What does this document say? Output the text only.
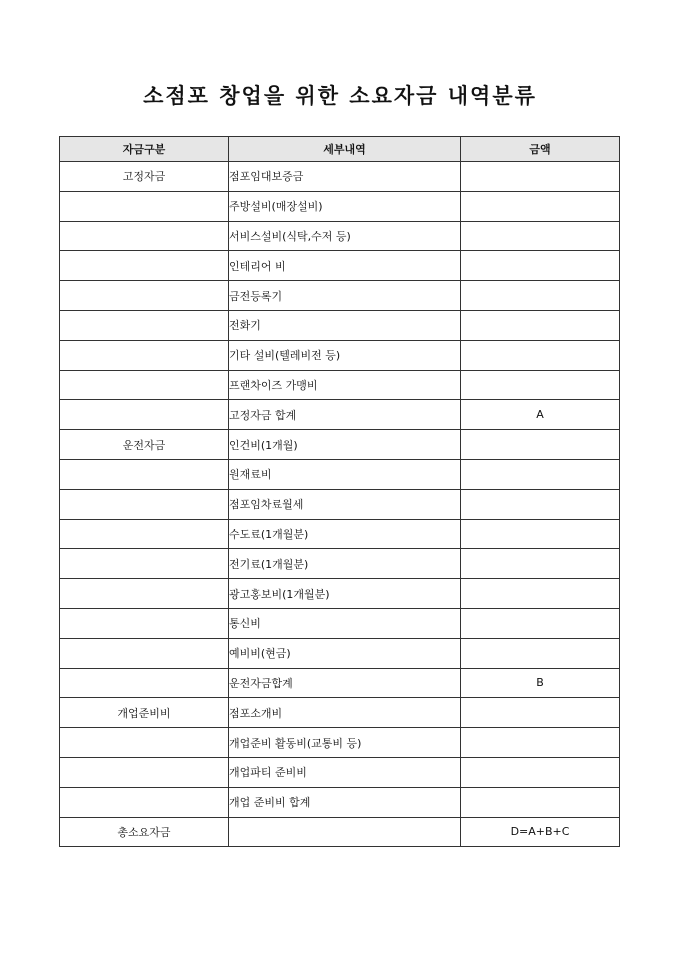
소점포 창업을 위한 소요자금 내역분류
자금구분	세부내역	금액
고정자금	점포임대보증금	
	주방설비(매장설비)	
	서비스설비(식탁,수저 등)	
	인테리어 비	
	금전등록기	
	전화기	
	기타 설비(텔레비전 등)	
	프랜차이즈 가맹비	
	고정자금 합계	A
운전자금	인건비(1개월)	
	원재료비	
	점포임차료월세	
	수도료(1개월분)	
	전기료(1개월분)	
	광고홍보비(1개월분)	
	통신비	
	예비비(현금)	
	운전자금합계	B
개업준비비	점포소개비	
	개업준비 활동비(교통비 등)	
	개업파티 준비비	
	개업 준비비 합계	
총소요자금		D=A+B+C
